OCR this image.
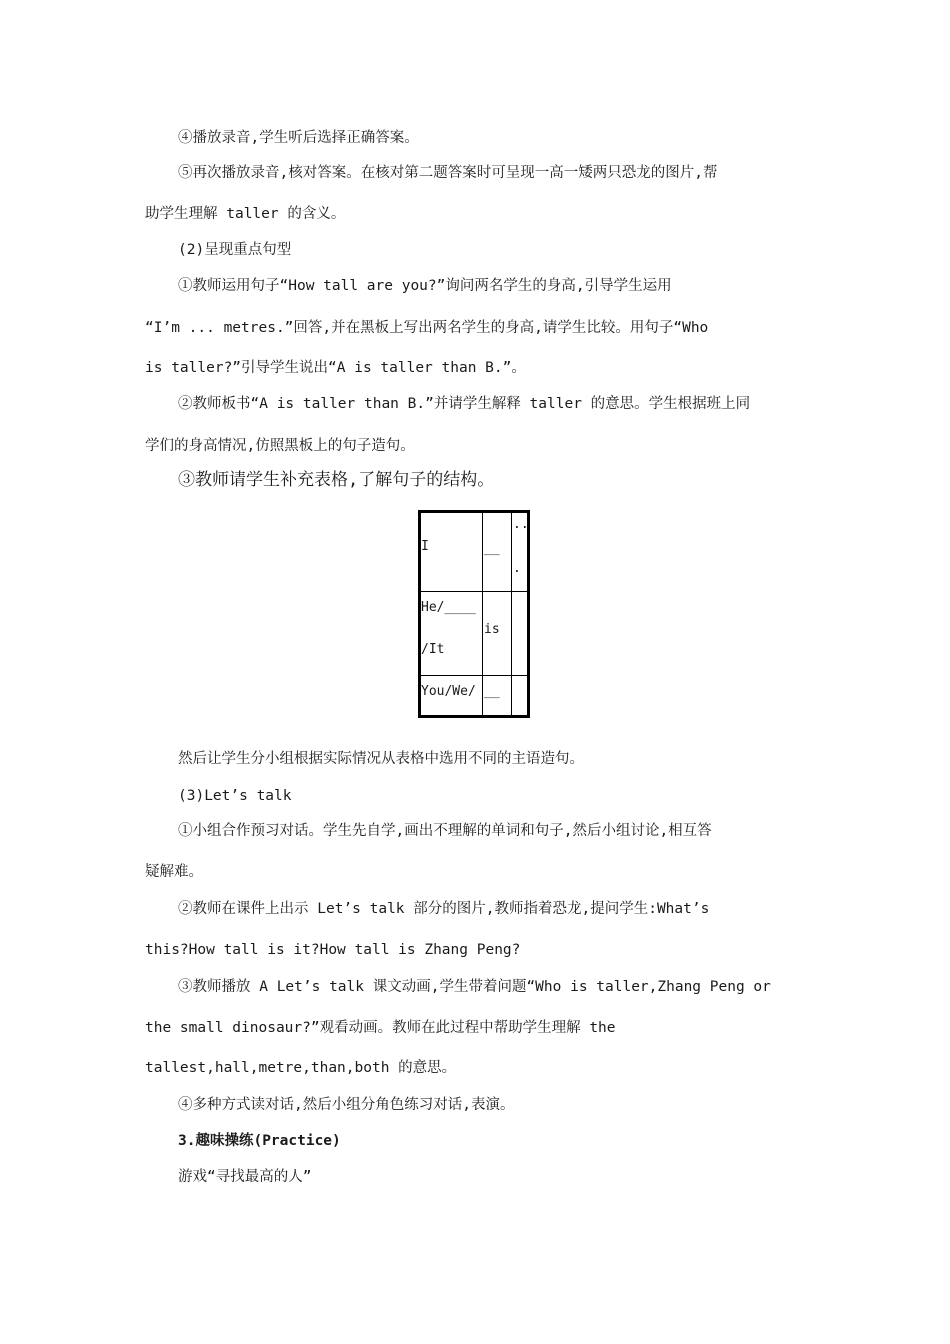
④播放录音,学生听后选择正确答案。
⑤再次播放录音,核对答案。在核对第二题答案时可呈现一高一矮两只恐龙的图片,帮
助学生理解 taller 的含义。
(2)呈现重点句型
①教师运用句子“How tall are you?”询问两名学生的身高,引导学生运用
“I’m ... metres.”回答,并在黑板上写出两名学生的身高,请学生比较。用句子“Who
is taller?”引导学生说出“A is taller than B.”。
②教师板书“A is taller than B.”并请学生解释 taller 的意思。学生根据班上同
学们的身高情况,仿照黑板上的句子造句。
③教师请学生补充表格,了解句子的结构。
I	__
..
.
He/____
/It
is
You/We/ __
然后让学生分小组根据实际情况从表格中选用不同的主语造句。
(3)Let’s talk
①小组合作预习对话。学生先自学,画出不理解的单词和句子,然后小组讨论,相互答
疑解难。
②教师在课件上出示 Let’s talk 部分的图片,教师指着恐龙,提问学生:What’s
this?How tall is it?How tall is Zhang Peng?
③教师播放 A Let’s talk 课文动画,学生带着问题“Who is taller,Zhang Peng or
the small dinosaur?”观看动画。教师在此过程中帮助学生理解 the
tallest,hall,metre,than,both 的意思。
④多种方式读对话,然后小组分角色练习对话,表演。
3.趣味操练(Practice)
游戏“寻找最高的人”
